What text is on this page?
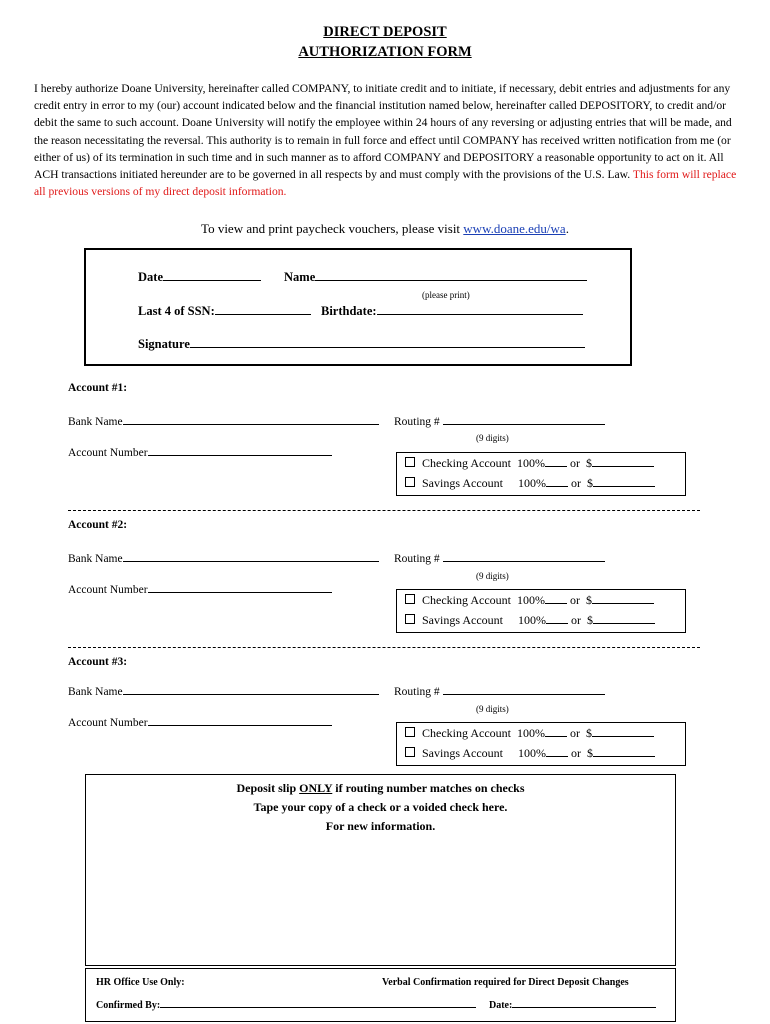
DIRECT DEPOSIT
AUTHORIZATION FORM
I hereby authorize Doane University, hereinafter called COMPANY, to initiate credit and to initiate, if necessary, debit entries and adjustments for any credit entry in error to my (our) account indicated below and the financial institution named below, hereinafter called DEPOSITORY, to credit and/or debit the same to such account. Doane University will notify the employee within 24 hours of any reversing or adjusting entries that will be made, and the reason necessitating the reversal. This authority is to remain in full force and effect until COMPANY has received written notification from me (or either of us) of its termination in such time and in such manner as to afford COMPANY and DEPOSITORY a reasonable opportunity to act on it. All ACH transactions initiated hereunder are to be governed in all respects by and must comply with the provisions of the U.S. Law. This form will replace all previous versions of my direct deposit information.
To view and print paycheck vouchers, please visit www.doane.edu/wa.
Date	Name
(please print)
Last 4 of SSN:	Birthdate:
Signature
Account #1:
Bank Name	Routing #
(9 digits)
Account Number
Checking Account  100% or  $
Savings Account     100% or  $
Account #2:
Bank Name	Routing #
(9 digits)
Account Number
Checking Account  100% or  $
Savings Account     100% or  $
Account #3:
Bank Name	Routing #
(9 digits)
Account Number
Checking Account  100% or  $
Savings Account     100% or  $
Deposit slip ONLY if routing number matches on checks
Tape your copy of a check or a voided check here.
For new information.
HR Office Use Only:	Verbal Confirmation required for Direct Deposit Changes
Confirmed By:	Date:
